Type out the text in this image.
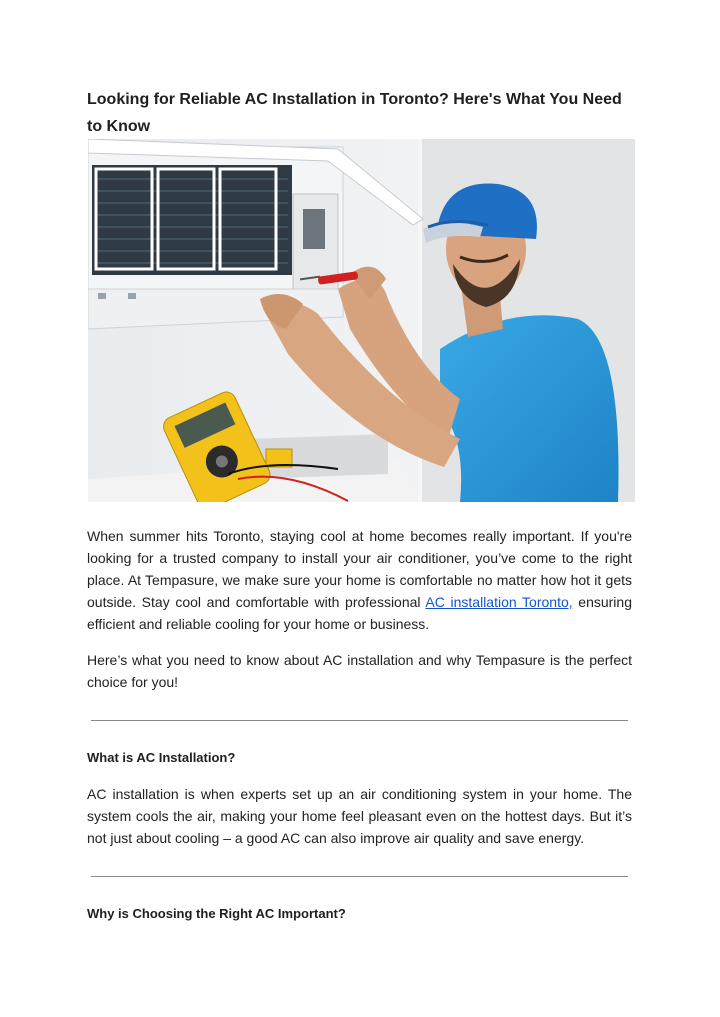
Looking for Reliable AC Installation in Toronto? Here's What You Need to Know

When summer hits Toronto, staying cool at home becomes really important. If you're looking for a trusted company to install your air conditioner, you’ve come to the right place. At Tempasure, we make sure your home is comfortable no matter how hot it gets outside. Stay cool and comfortable with professional AC installation Toronto, ensuring efficient and reliable cooling for your home or business.

Here’s what you need to know about AC installation and why Tempasure is the perfect choice for you!

What is AC Installation?

AC installation is when experts set up an air conditioning system in your home. The system cools the air, making your home feel pleasant even on the hottest days. But it’s not just about cooling – a good AC can also improve air quality and save energy.

Why is Choosing the Right AC Important?
